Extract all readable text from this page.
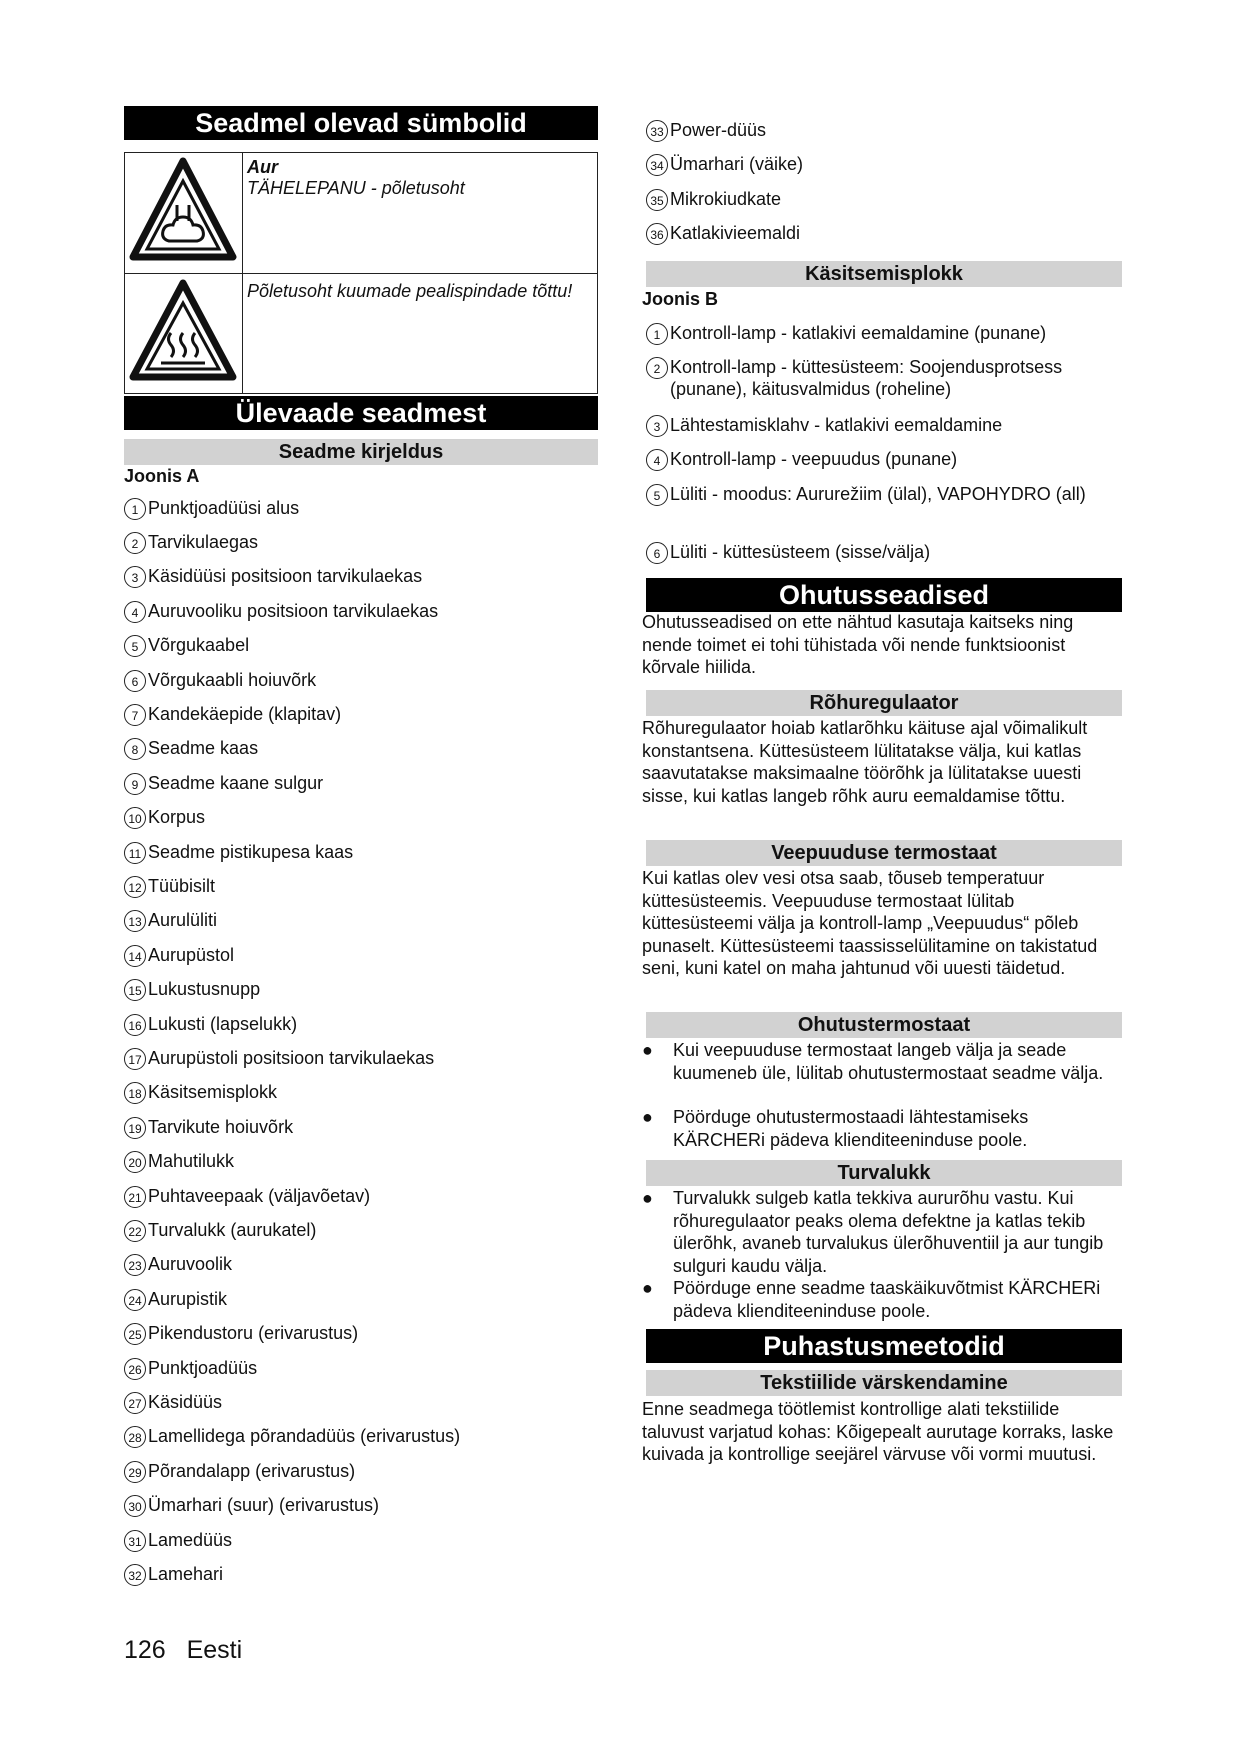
Seadmel olevad sümbolid
Aur
TÄHELEPANU - põletusoht
Põletusoht kuumade pealispindade tõttu!
Ülevaade seadmest
Seadme kirjeldus
Joonis A
1 Punktjoadüüsi alus
2 Tarvikulaegas
3 Käsidüüsi positsioon tarvikulaekas
4 Auruvooliku positsioon tarvikulaekas
5 Võrgukaabel
6 Võrgukaabli hoiuvõrk
7 Kandekäepide (klapitav)
8 Seadme kaas
9 Seadme kaane sulgur
10 Korpus
11 Seadme pistikupesa kaas
12 Tüübisilt
13 Aurulüliti
14 Aurupüstol
15 Lukustusnupp
16 Lukusti (lapselukk)
17 Aurupüstoli positsioon tarvikulaekas
18 Käsitsemisplokk
19 Tarvikute hoiuvõrk
20 Mahutilukk
21 Puhtaveepaak (väljavõetav)
22 Turvalukk (aurukatel)
23 Auruvoolik
24 Aurupistik
25 Pikendustoru (erivarustus)
26 Punktjoadüüs
27 Käsidüüs
28 Lamellidega põrandadüüs (erivarustus)
29 Põrandalapp (erivarustus)
30 Ümarhari (suur) (erivarustus)
31 Lamedüüs
32 Lamehari
33 Power-düüs
34 Ümarhari (väike)
35 Mikrokiudkate
36 Katlakivieemaldi
Käsitsemisplokk
Joonis B
1 Kontroll-lamp - katlakivi eemaldamine (punane)
2 Kontroll-lamp - küttesüsteem: Soojendusprotsess (punane), käitusvalmidus (roheline)
3 Lähtestamisklahv - katlakivi eemaldamine
4 Kontroll-lamp - veepuudus (punane)
5 Lüliti - moodus: Aururežiim (ülal), VAPOHYDRO (all)
6 Lüliti - küttesüsteem (sisse/välja)
Ohutusseadised
Ohutusseadised on ette nähtud kasutaja kaitseks ning nende toimet ei tohi tühistada või nende funktsioonist kõrvale hiilida.
Rõhuregulaator
Rõhuregulaator hoiab katlarõhku käituse ajal võimalikult konstantsena. Küttesüsteem lülitatakse välja, kui katlas saavutatakse maksimaalne töörõhk ja lülitatakse uuesti sisse, kui katlas langeb rõhk auru eemaldamise tõttu.
Veepuuduse termostaat
Kui katlas olev vesi otsa saab, tõuseb temperatuur küttesüsteemis. Veepuuduse termostaat lülitab küttesüsteemi välja ja kontroll-lamp „Veepuudus“ põleb punaselt. Küttesüsteemi taassisselülitamine on takistatud seni, kuni katel on maha jahtunud või uuesti täidetud.
Ohutustermostaat
●	Kui veepuuduse termostaat langeb välja ja seade kuumeneb üle, lülitab ohutustermostaat seadme välja.
●	Pöörduge ohutustermostaadi lähtestamiseks KÄRCHERi pädeva klienditeeninduse poole.
Turvalukk
●	Turvalukk sulgeb katla tekkiva aururõhu vastu. Kui rõhuregulaator peaks olema defektne ja katlas tekib ülerõhk, avaneb turvalukus ülerõhuventiil ja aur tungib sulguri kaudu välja.
●	Pöörduge enne seadme taaskäikuvõtmist KÄRCHERi pädeva klienditeeninduse poole.
Puhastusmeetodid
Tekstiilide värskendamine
Enne seadmega töötlemist kontrollige alati tekstiilide taluvust varjatud kohas: Kõigepealt aurutage korraks, laske kuivada ja kontrollige seejärel värvuse või vormi muutusi.
126 Eesti
